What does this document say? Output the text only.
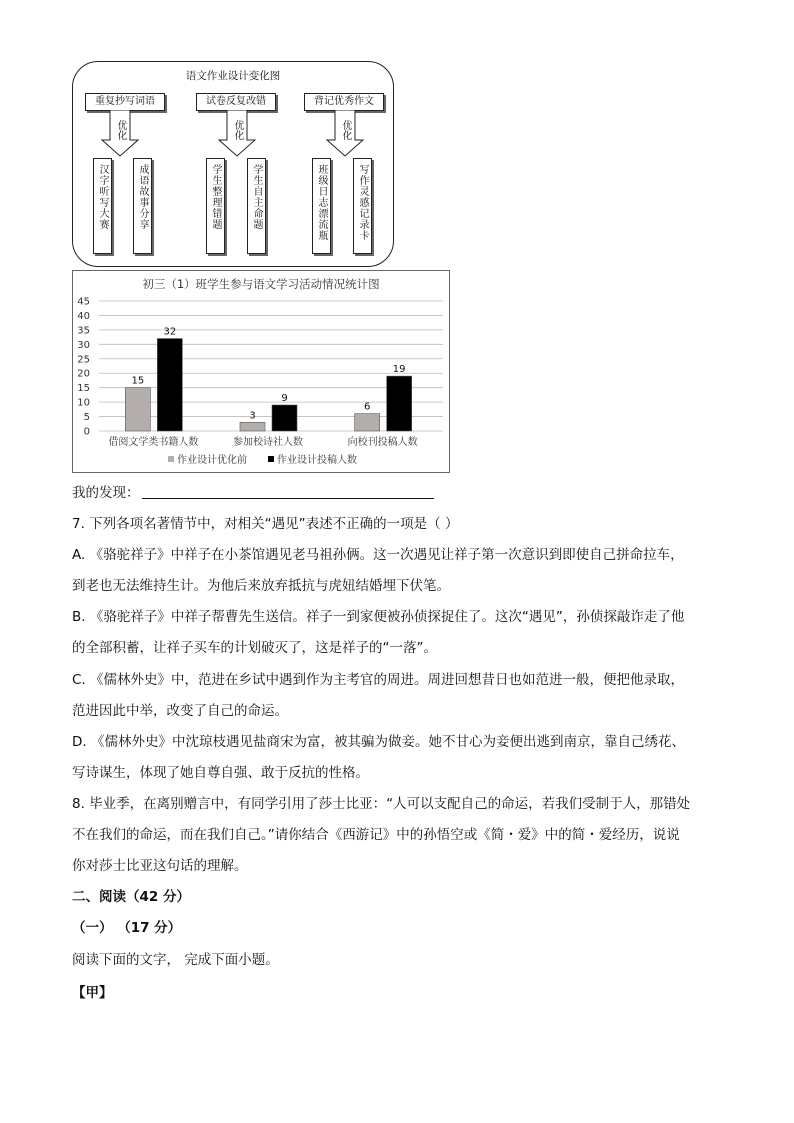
语文作业设计变化图
重复抄写词语
优化
汉字听写大赛	成语故事分享
试卷反复改错
优化
学生整理错题	学生自主命题
背记优秀作文
优化
班级日志漂流瓶	写作灵感记录卡
初三（1）班学生参与语文学习活动情况统计图
0
5
10
15
20
25
30
35
40
45
15
32
借阅文学类书籍人数
3
9
参加校诗社人数
6
19
向校刊投稿人数
作业设计优化前	作业设计投稿人数
我的发现：
7. 下列各项名著情节中，对相关“遇见”表述不正确的一项是（ ）
A. 《骆驼祥子》中祥子在小茶馆遇见老马祖孙俩。这一次遇见让祥子第一次意识到即使自己拼命拉车，
到老也无法维持生计。为他后来放弃抵抗与虎妞结婚埋下伏笔。
B. 《骆驼祥子》中祥子帮曹先生送信。祥子一到家便被孙侦探捉住了。这次“遇见”，孙侦探敲诈走了他
的全部积蓄，让祥子买车的计划破灭了，这是祥子的“一落”。
C. 《儒林外史》中，范进在乡试中遇到作为主考官的周进。周进回想昔日也如范进一般，便把他录取，
范进因此中举，改变了自己的命运。
D. 《儒林外史》中沈琼枝遇见盐商宋为富，被其骗为做妾。她不甘心为妾便出逃到南京，靠自己绣花、
写诗谋生，体现了她自尊自强、敢于反抗的性格。
8. 毕业季，在离别赠言中，有同学引用了莎士比亚：“人可以支配自己的命运，若我们受制于人，那错处
不在我们的命运，而在我们自己。”请你结合《西游记》中的孙悟空或《简・爱》中的简・爱经历，说说
你对莎士比亚这句话的理解。
二、阅读（42 分）
（一） （17 分）
阅读下面的文字， 完成下面小题。
【甲】
